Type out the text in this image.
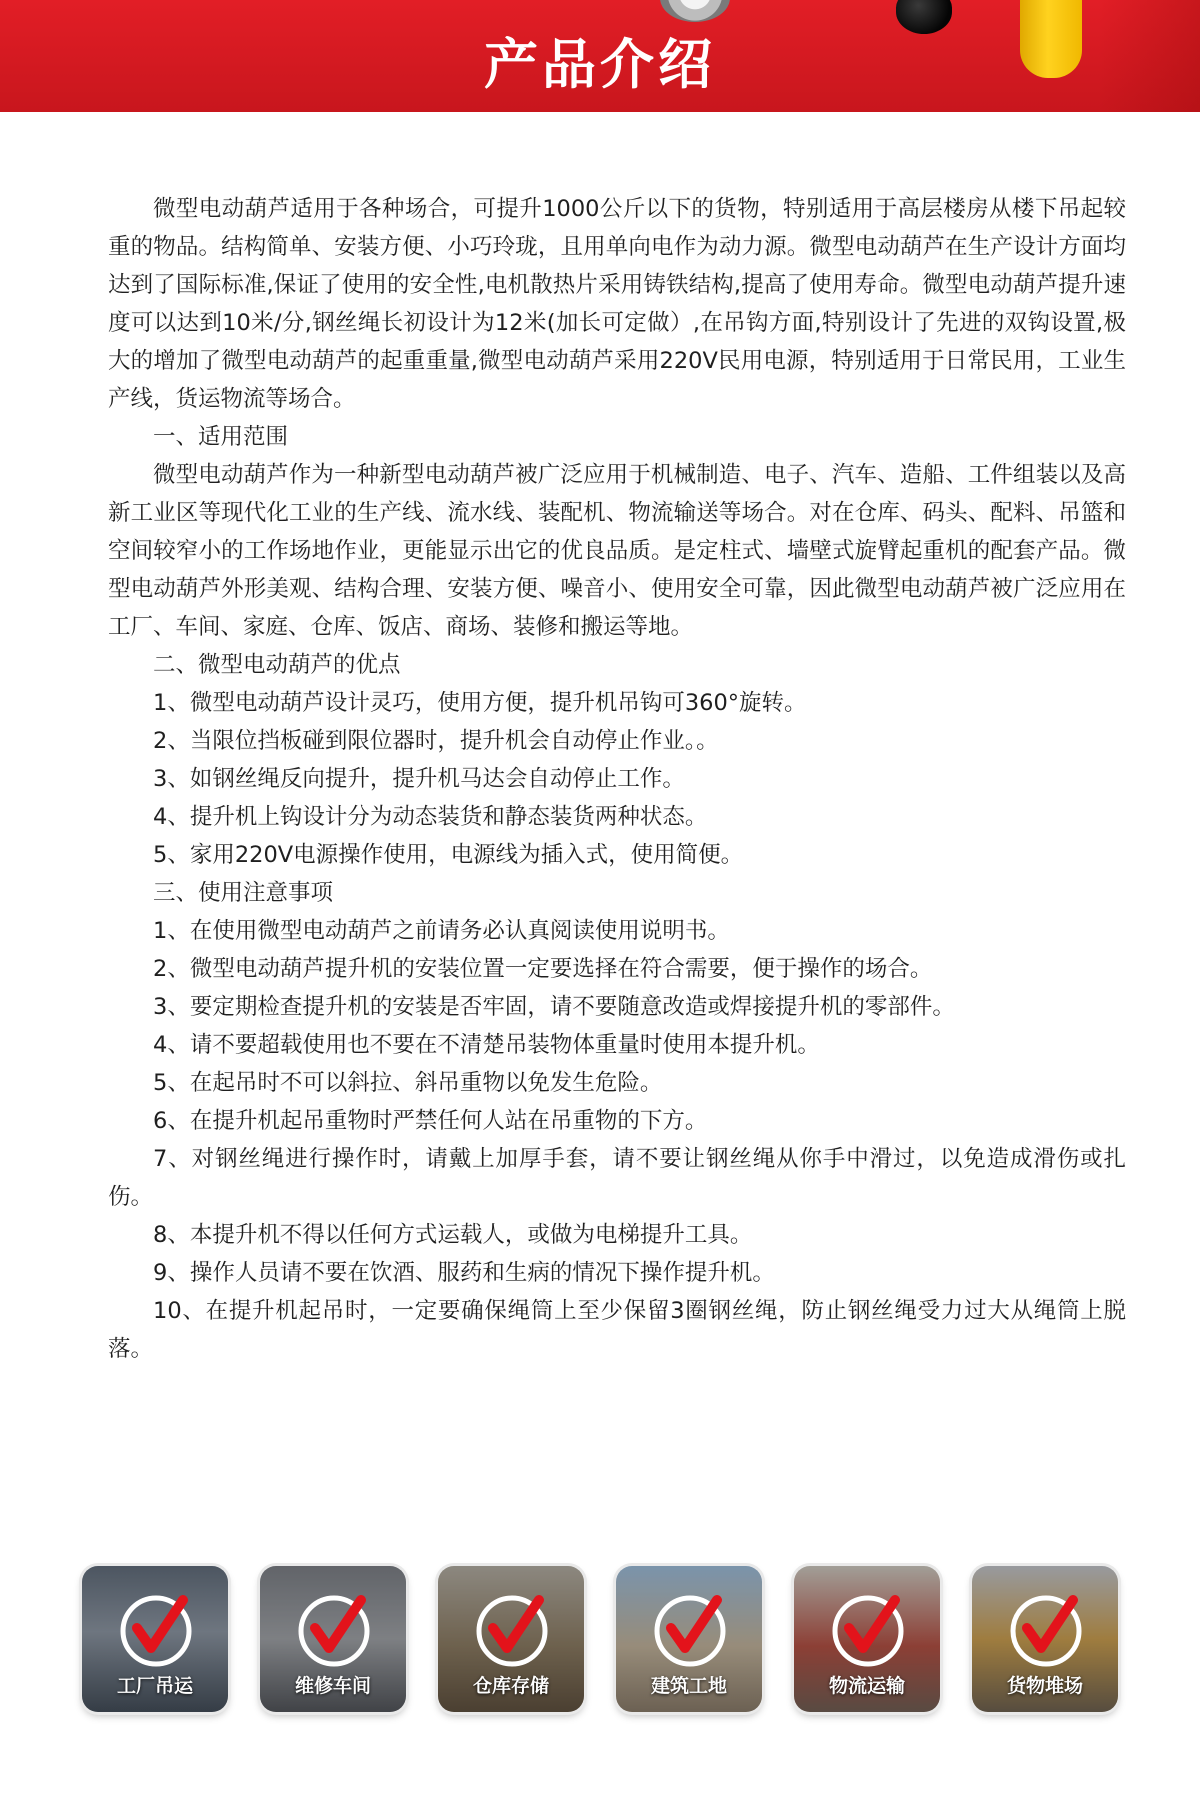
产品介绍

微型电动葫芦适用于各种场合，可提升1000公斤以下的货物，特别适用于高层楼房从楼下吊起较重的物品。结构简单、安装方便、小巧玲珑，且用单向电作为动力源。微型电动葫芦在生产设计方面均达到了国际标准,保证了使用的安全性,电机散热片采用铸铁结构,提高了使用寿命。微型电动葫芦提升速度可以达到10米/分,钢丝绳长初设计为12米(加长可定做）,在吊钩方面,特别设计了先进的双钩设置,极大的增加了微型电动葫芦的起重重量,微型电动葫芦采用220V民用电源，特别适用于日常民用，工业生产线，货运物流等场合。

一、适用范围

微型电动葫芦作为一种新型电动葫芦被广泛应用于机械制造、电子、汽车、造船、工件组装以及高新工业区等现代化工业的生产线、流水线、装配机、物流输送等场合。对在仓库、码头、配料、吊篮和空间较窄小的工作场地作业，更能显示出它的优良品质。是定柱式、墙壁式旋臂起重机的配套产品。微型电动葫芦外形美观、结构合理、安装方便、噪音小、使用安全可靠，因此微型电动葫芦被广泛应用在工厂、车间、家庭、仓库、饭店、商场、装修和搬运等地。

二、微型电动葫芦的优点

1、微型电动葫芦设计灵巧，使用方便，提升机吊钩可360°旋转。

2、当限位挡板碰到限位器时，提升机会自动停止作业。。

3、如钢丝绳反向提升，提升机马达会自动停止工作。

4、提升机上钩设计分为动态装货和静态装货两种状态。

5、家用220V电源操作使用，电源线为插入式，使用简便。

三、使用注意事项

1、在使用微型电动葫芦之前请务必认真阅读使用说明书。

2、微型电动葫芦提升机的安装位置一定要选择在符合需要，便于操作的场合。

3、要定期检查提升机的安装是否牢固，请不要随意改造或焊接提升机的零部件。

4、请不要超载使用也不要在不清楚吊装物体重量时使用本提升机。

5、在起吊时不可以斜拉、斜吊重物以免发生危险。

6、在提升机起吊重物时严禁任何人站在吊重物的下方。

7、对钢丝绳进行操作时，请戴上加厚手套，请不要让钢丝绳从你手中滑过，以免造成滑伤或扎伤。

8、本提升机不得以任何方式运载人，或做为电梯提升工具。

9、操作人员请不要在饮酒、服药和生病的情况下操作提升机。

10、在提升机起吊时，一定要确保绳筒上至少保留3圈钢丝绳，防止钢丝绳受力过大从绳筒上脱落。

工厂吊运	维修车间	仓库存储	建筑工地	物流运输	货物堆场
